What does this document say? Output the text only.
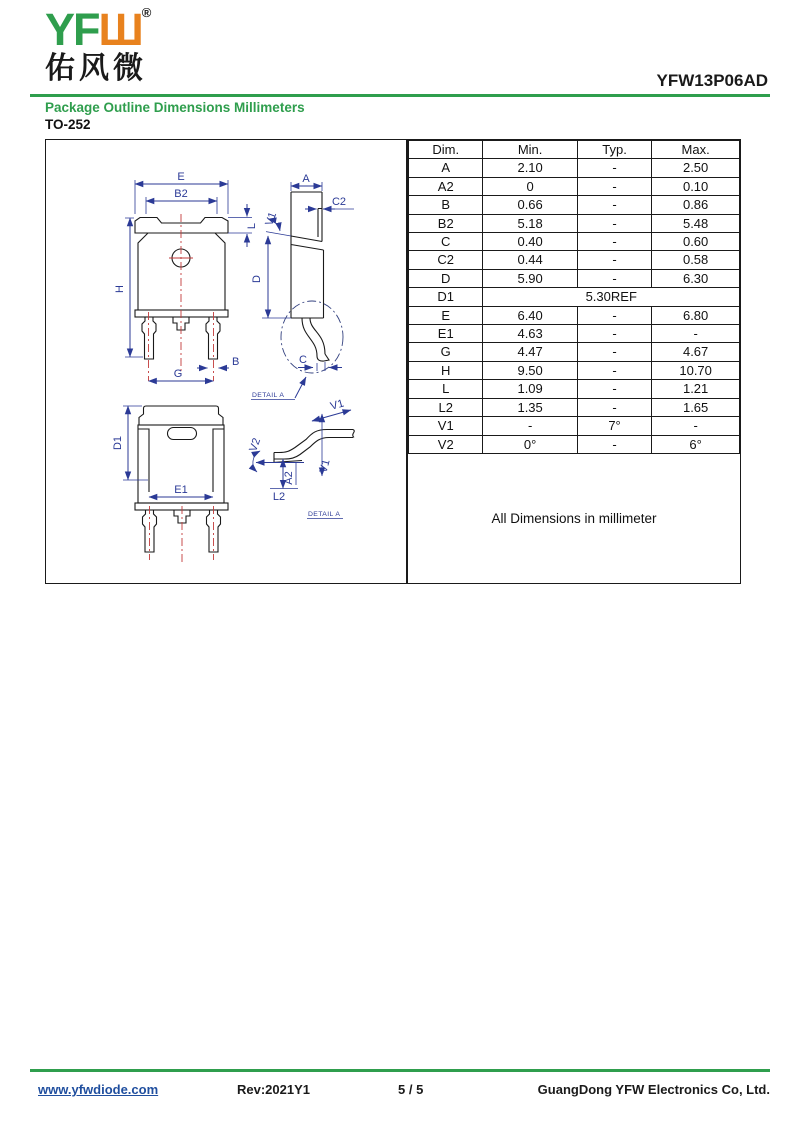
YFШ®
佑风微	YFW13P06AD
Package Outline Dimensions Millimeters
TO-252
E
B2
H
L
B
G
A
C2
V1
D
C
DETAIL A
D1
E1
V1
V1
V2
A2
L2
DETAIL A
Dim.	Min.	Typ.	Max.
A	2.10	-	2.50
A2	0	-	0.10
B	0.66	-	0.86
B2	5.18	-	5.48
C	0.40	-	0.60
C2	0.44	-	0.58
D	5.90	-	6.30
D1	5.30REF		
E	6.40	-	6.80
E1	4.63	-	-
G	4.47	-	4.67
H	9.50	-	10.70
L	1.09	-	1.21
L2	1.35	-	1.65
V1	-	7°	-
V2	0°	-	6°
All Dimensions in millimeter
www.yfwdiode.com	Rev:2021Y1	5 / 5	GuangDong YFW Electronics Co, Ltd.
